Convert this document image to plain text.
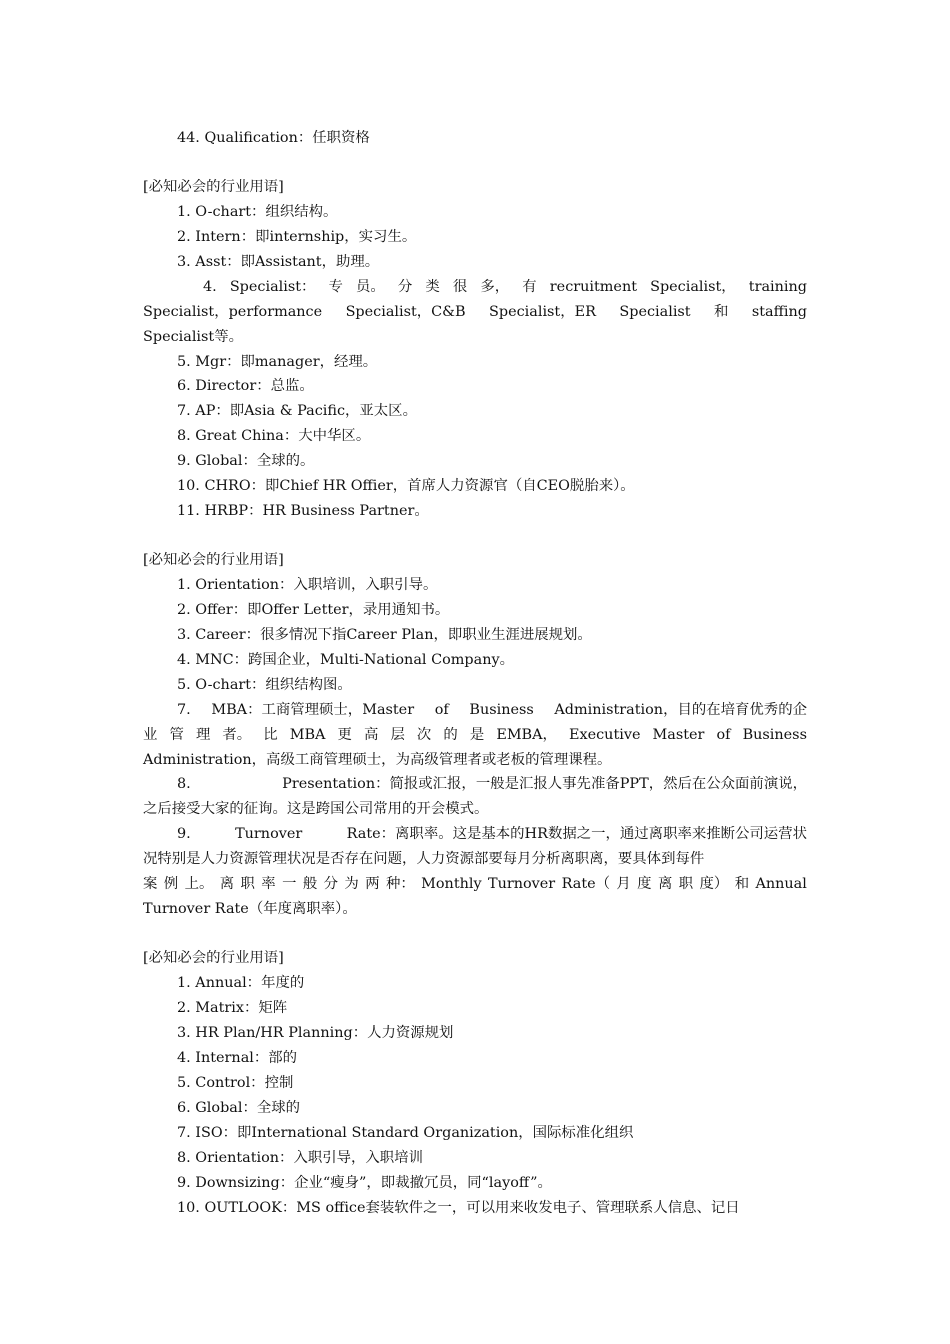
44. Qualification：任职资格
[必知必会的行业用语]
1. O-chart：组织结构。
2. Intern：即internship，实习生。
3. Asst：即Assistant，助理。
4. Specialist： 专 员。 分 类 很 多， 有 recruitment Specialist， training
Specialist，performance Specialist，C&B Specialist，ER Specialist 和 staffing
Specialist等。
5. Mgr：即manager，经理。
6. Director：总监。
7. AP：即Asia & Pacific，亚太区。
8. Great China：大中华区。
9. Global：全球的。
10. CHRO：即Chief HR Offier，首席人力资源官（自CEO脱胎来）。
11. HRBP：HR Business Partner。
[必知必会的行业用语]
1. Orientation：入职培训，入职引导。
2. Offer：即Offer Letter，录用通知书。
3. Career：很多情况下指Career Plan，即职业生涯进展规划。
4. MNC：跨国企业，Multi-National Company。
5. O-chart：组织结构图。
7. MBA：工商管理硕士，Master of Business Administration，目的在培育优秀的企
业 管 理 者。 比 MBA 更 高 层 次 的 是 EMBA， Executive Master of Business
Administration，高级工商管理硕士，为高级管理者或老板的管理课程。
8.	Presentation：简报或汇报，一般是汇报人事先准备PPT，然后在公众面前演说，
之后接受大家的征询。这是跨国公司常用的开会模式。
9.	Turnover	Rate：离职率。这是基本的HR数据之一，通过离职率来推断公司运营状
况特别是人力资源管理状况是否存在问题，人力资源部要每月分析离职离，要具体到每件
案 例 上。 离 职 率 一 般 分 为 两 种： Monthly Turnover Rate（ 月 度 离 职 度） 和 Annual
Turnover Rate（年度离职率）。
[必知必会的行业用语]
1. Annual：年度的
2. Matrix：矩阵
3. HR Plan/HR Planning：人力资源规划
4. Internal：部的
5. Control：控制
6. Global：全球的
7. ISO：即International Standard Organization，国际标准化组织
8. Orientation：入职引导，入职培训
9. Downsizing：企业“瘦身”，即裁撤冗员，同“layoff”。
10. OUTLOOK：MS office套装软件之一，可以用来收发电子、管理联系人信息、记日
